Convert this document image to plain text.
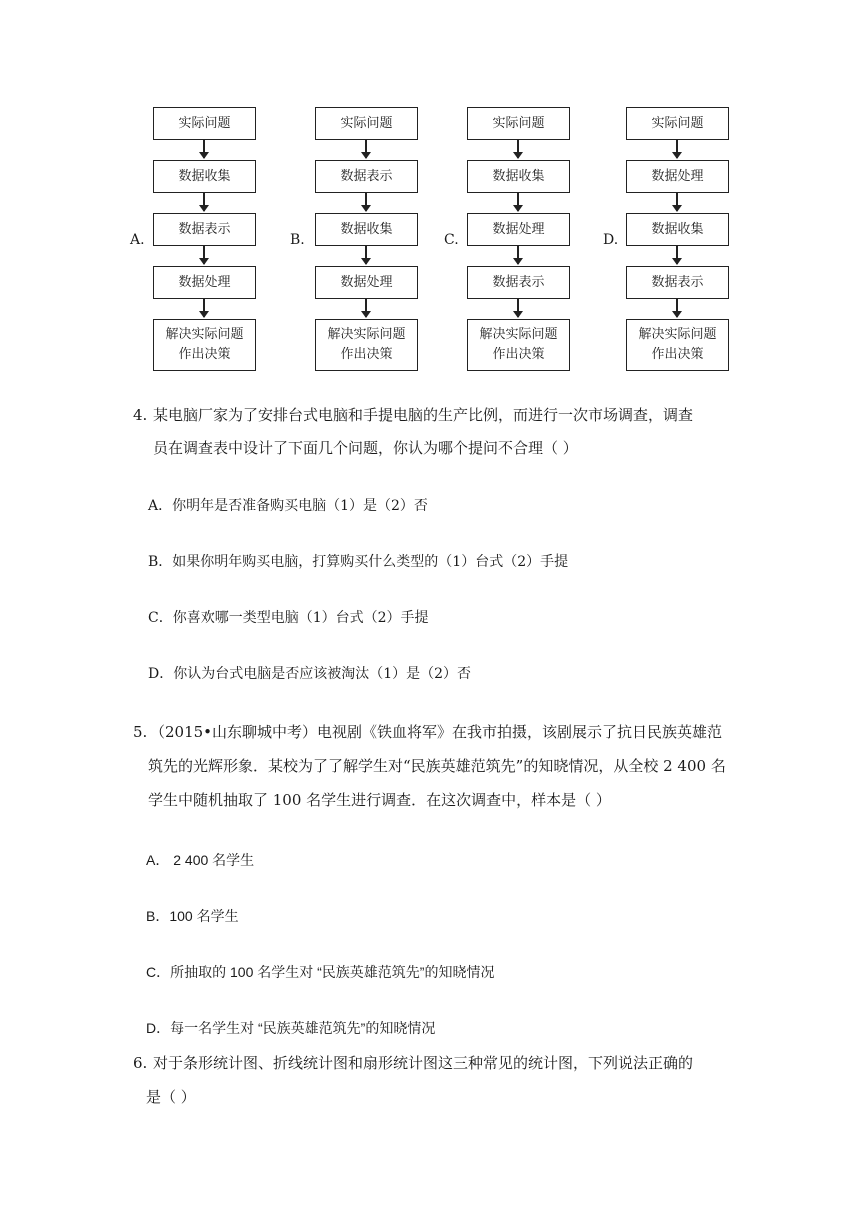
A.
实际问题
数据收集
数据表示
数据处理
解决实际问题
作出决策
B.
实际问题
数据表示
数据收集
数据处理
解决实际问题
作出决策
C.
实际问题
数据收集
数据处理
数据表示
解决实际问题
作出决策
D.
实际问题
数据处理
数据收集
数据表示
解决实际问题
作出决策
4. 某电脑厂家为了安排台式电脑和手提电脑的生产比例，而进行一次市场调查，调查
员在调查表中设计了下面几个问题，你认为哪个提问不合理（ ）
A．你明年是否准备购买电脑（1）是（2）否
B．如果你明年购买电脑，打算购买什么类型的（1）台式（2）手提
C．你喜欢哪一类型电脑（1）台式（2）手提
D．你认为台式电脑是否应该被淘汰（1）是（2）否
5. （2015•山东聊城中考）电视剧《铁血将军》在我市拍摄，该剧展示了抗日民族英雄范
筑先的光辉形象．某校为了了解学生对“民族英雄范筑先”的知晓情况，从全校 2 400 名
学生中随机抽取了 100 名学生进行调查．在这次调查中，样本是（ ）
A． 2 400 名学生
B．100 名学生
C．所抽取的 100 名学生对 “民族英雄范筑先”的知晓情况
D．每一名学生对 “民族英雄范筑先”的知晓情况
6. 对于条形统计图、折线统计图和扇形统计图这三种常见的统计图，下列说法正确的
是（ ）
